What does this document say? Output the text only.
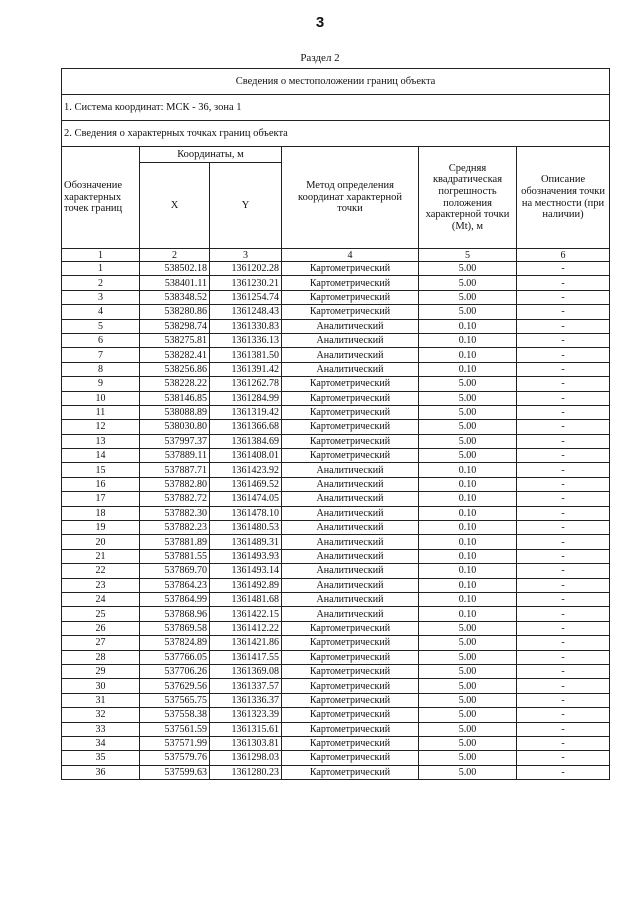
3
Раздел 2
Сведения о местоположении границ объекта					
1. Система координат: МСК - 36, зона 1					
2. Сведения о характерных точках границ объекта					
Обозначение характерных точек границ	Координаты, м		Метод определения координат характерной точки	Средняя квадратическая погрешность положения характерной точки (Mt), м	Описание обозначения точки на местности (при наличии)
	X	Y			
1	2	3	4	5	6
1	538502.18	1361202.28	Картометрический	5.00	-
2	538401.11	1361230.21	Картометрический	5.00	-
3	538348.52	1361254.74	Картометрический	5.00	-
4	538280.86	1361248.43	Картометрический	5.00	-
5	538298.74	1361330.83	Аналитический	0.10	-
6	538275.81	1361336.13	Аналитический	0.10	-
7	538282.41	1361381.50	Аналитический	0.10	-
8	538256.86	1361391.42	Аналитический	0.10	-
9	538228.22	1361262.78	Картометрический	5.00	-
10	538146.85	1361284.99	Картометрический	5.00	-
11	538088.89	1361319.42	Картометрический	5.00	-
12	538030.80	1361366.68	Картометрический	5.00	-
13	537997.37	1361384.69	Картометрический	5.00	-
14	537889.11	1361408.01	Картометрический	5.00	-
15	537887.71	1361423.92	Аналитический	0.10	-
16	537882.80	1361469.52	Аналитический	0.10	-
17	537882.72	1361474.05	Аналитический	0.10	-
18	537882.30	1361478.10	Аналитический	0.10	-
19	537882.23	1361480.53	Аналитический	0.10	-
20	537881.89	1361489.31	Аналитический	0.10	-
21	537881.55	1361493.93	Аналитический	0.10	-
22	537869.70	1361493.14	Аналитический	0.10	-
23	537864.23	1361492.89	Аналитический	0.10	-
24	537864.99	1361481.68	Аналитический	0.10	-
25	537868.96	1361422.15	Аналитический	0.10	-
26	537869.58	1361412.22	Картометрический	5.00	-
27	537824.89	1361421.86	Картометрический	5.00	-
28	537766.05	1361417.55	Картометрический	5.00	-
29	537706.26	1361369.08	Картометрический	5.00	-
30	537629.56	1361337.57	Картометрический	5.00	-
31	537565.75	1361336.37	Картометрический	5.00	-
32	537558.38	1361323.39	Картометрический	5.00	-
33	537561.59	1361315.61	Картометрический	5.00	-
34	537571.99	1361303.81	Картометрический	5.00	-
35	537579.76	1361298.03	Картометрический	5.00	-
36	537599.63	1361280.23	Картометрический	5.00	-
